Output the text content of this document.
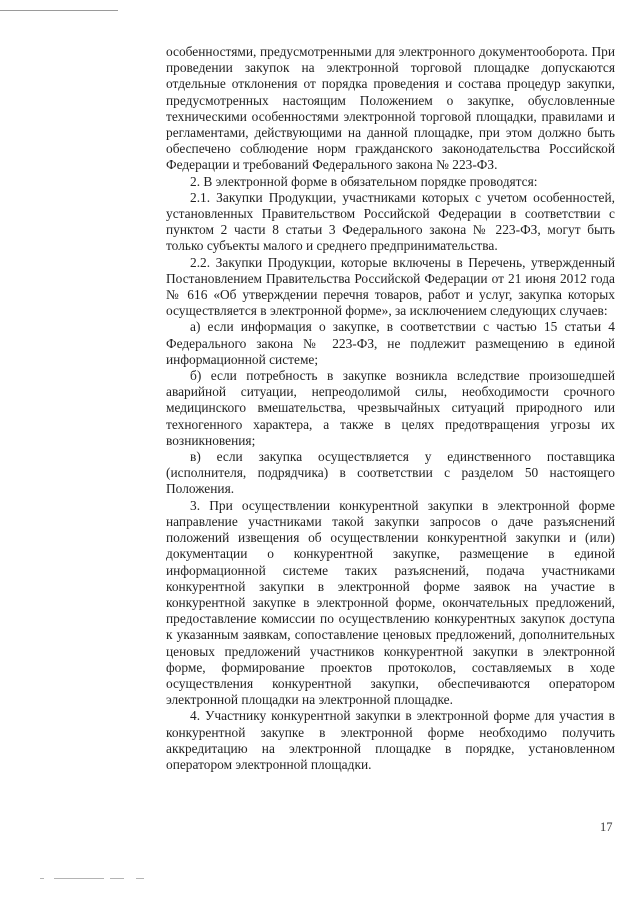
особенностями, предусмотренными для электронного документооборота. При проведении закупок на электронной торговой площадке допускаются отдельные отклонения от порядка проведения и состава процедур закупки, предусмотренных настоящим Положением о закупке, обусловленные техническими особенностями электронной торговой площадки, правилами и регламентами, действующими на данной площадке, при этом должно быть обеспечено соблюдение норм гражданского законодательства Российской Федерации и требований Федерального закона № 223-ФЗ.

2. В электронной форме в обязательном порядке проводятся:

2.1. Закупки Продукции, участниками которых с учетом особенностей, установленных Правительством Российской Федерации в соответствии с пунктом 2 части 8 статьи 3 Федерального закона № 223-ФЗ, могут быть только субъекты малого и среднего предпринимательства.

2.2. Закупки Продукции, которые включены в Перечень, утвержденный Постановлением Правительства Российской Федерации от 21 июня 2012 года № 616 «Об утверждении перечня товаров, работ и услуг, закупка которых осуществляется в электронной форме», за исключением следующих случаев:

а) если информация о закупке, в соответствии с частью 15 статьи 4 Федерального закона № 223-ФЗ, не подлежит размещению в единой информационной системе;

б) если потребность в закупке возникла вследствие произошедшей аварийной ситуации, непреодолимой силы, необходимости срочного медицинского вмешательства, чрезвычайных ситуаций природного или техногенного характера, а также в целях предотвращения угрозы их возникновения;

в) если закупка осуществляется у единственного поставщика (исполнителя, подрядчика) в соответствии с разделом 50 настоящего Положения.

3. При осуществлении конкурентной закупки в электронной форме направление участниками такой закупки запросов о даче разъяснений положений извещения об осуществлении конкурентной закупки и (или) документации о конкурентной закупке, размещение в единой информационной системе таких разъяснений, подача участниками конкурентной закупки в электронной форме заявок на участие в конкурентной закупке в электронной форме, окончательных предложений, предоставление комиссии по осуществлению конкурентных закупок доступа к указанным заявкам, сопоставление ценовых предложений, дополнительных ценовых предложений участников конкурентной закупки в электронной форме, формирование проектов протоколов, составляемых в ходе осуществления конкурентной закупки, обеспечиваются оператором электронной площадки на электронной площадке.

4. Участнику конкурентной закупки в электронной форме для участия в конкурентной закупке в электронной форме необходимо получить аккредитацию на электронной площадке в порядке, установленном оператором электронной площадки.

17
